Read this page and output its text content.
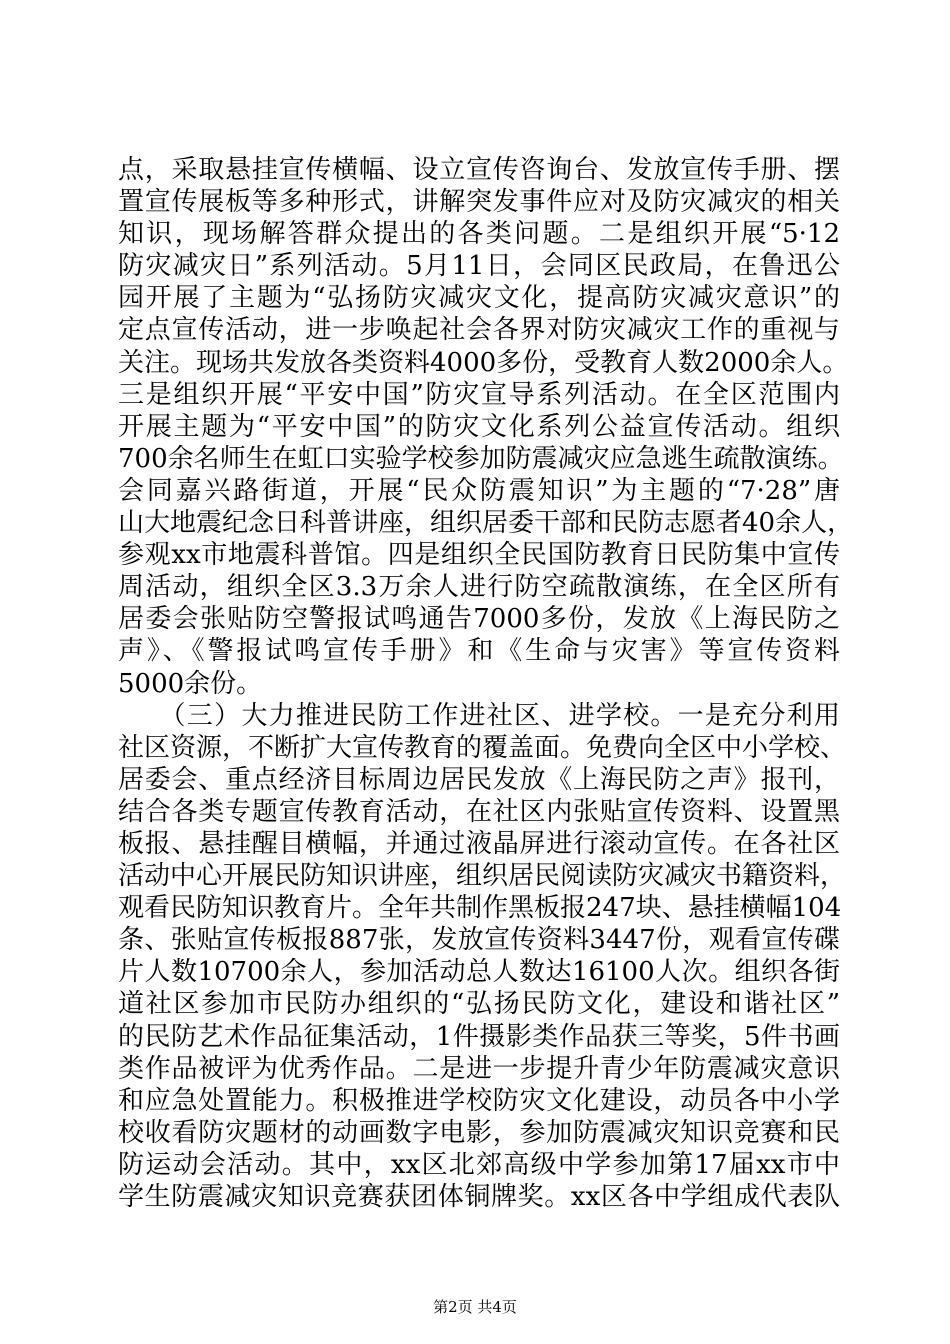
点，采取悬挂宣传横幅、设立宣传咨询台、发放宣传手册、摆
置宣传展板等多种形式，讲解突发事件应对及防灾减灾的相关
知识，现场解答群众提出的各类问题。二是组织开展“5·12
防灾减灾日”系列活动。5月11日，会同区民政局，在鲁迅公
园开展了主题为“弘扬防灾减灾文化，提高防灾减灾意识”的
定点宣传活动，进一步唤起社会各界对防灾减灾工作的重视与
关注。现场共发放各类资料4000多份，受教育人数2000余人。
三是组织开展“平安中国”防灾宣导系列活动。在全区范围内
开展主题为“平安中国”的防灾文化系列公益宣传活动。组织
700余名师生在虹口实验学校参加防震减灾应急逃生疏散演练。
会同嘉兴路街道，开展“民众防震知识”为主题的“7·28”唐
山大地震纪念日科普讲座，组织居委干部和民防志愿者40余人，
参观xx市地震科普馆。四是组织全民国防教育日民防集中宣传
周活动，组织全区3.3万余人进行防空疏散演练，在全区所有
居委会张贴防空警报试鸣通告7000多份，发放《上海民防之
声》、《警报试鸣宣传手册》和《生命与灾害》等宣传资料
5000余份。
　　（三）大力推进民防工作进社区、进学校。一是充分利用
社区资源，不断扩大宣传教育的覆盖面。免费向全区中小学校、
居委会、重点经济目标周边居民发放《上海民防之声》报刊，
结合各类专题宣传教育活动，在社区内张贴宣传资料、设置黑
板报、悬挂醒目横幅，并通过液晶屏进行滚动宣传。在各社区
活动中心开展民防知识讲座，组织居民阅读防灾减灾书籍资料，
观看民防知识教育片。全年共制作黑板报247块、悬挂横幅104
条、张贴宣传板报887张，发放宣传资料3447份，观看宣传碟
片人数10700余人，参加活动总人数达16100人次。组织各街
道社区参加市民防办组织的“弘扬民防文化，建设和谐社区”
的民防艺术作品征集活动，1件摄影类作品获三等奖，5件书画
类作品被评为优秀作品。二是进一步提升青少年防震减灾意识
和应急处置能力。积极推进学校防灾文化建设，动员各中小学
校收看防灾题材的动画数字电影，参加防震减灾知识竞赛和民
防运动会活动。其中，xx区北郊高级中学参加第17届xx市中
学生防震减灾知识竞赛获团体铜牌奖。xx区各中学组成代表队
第2页 共4页
